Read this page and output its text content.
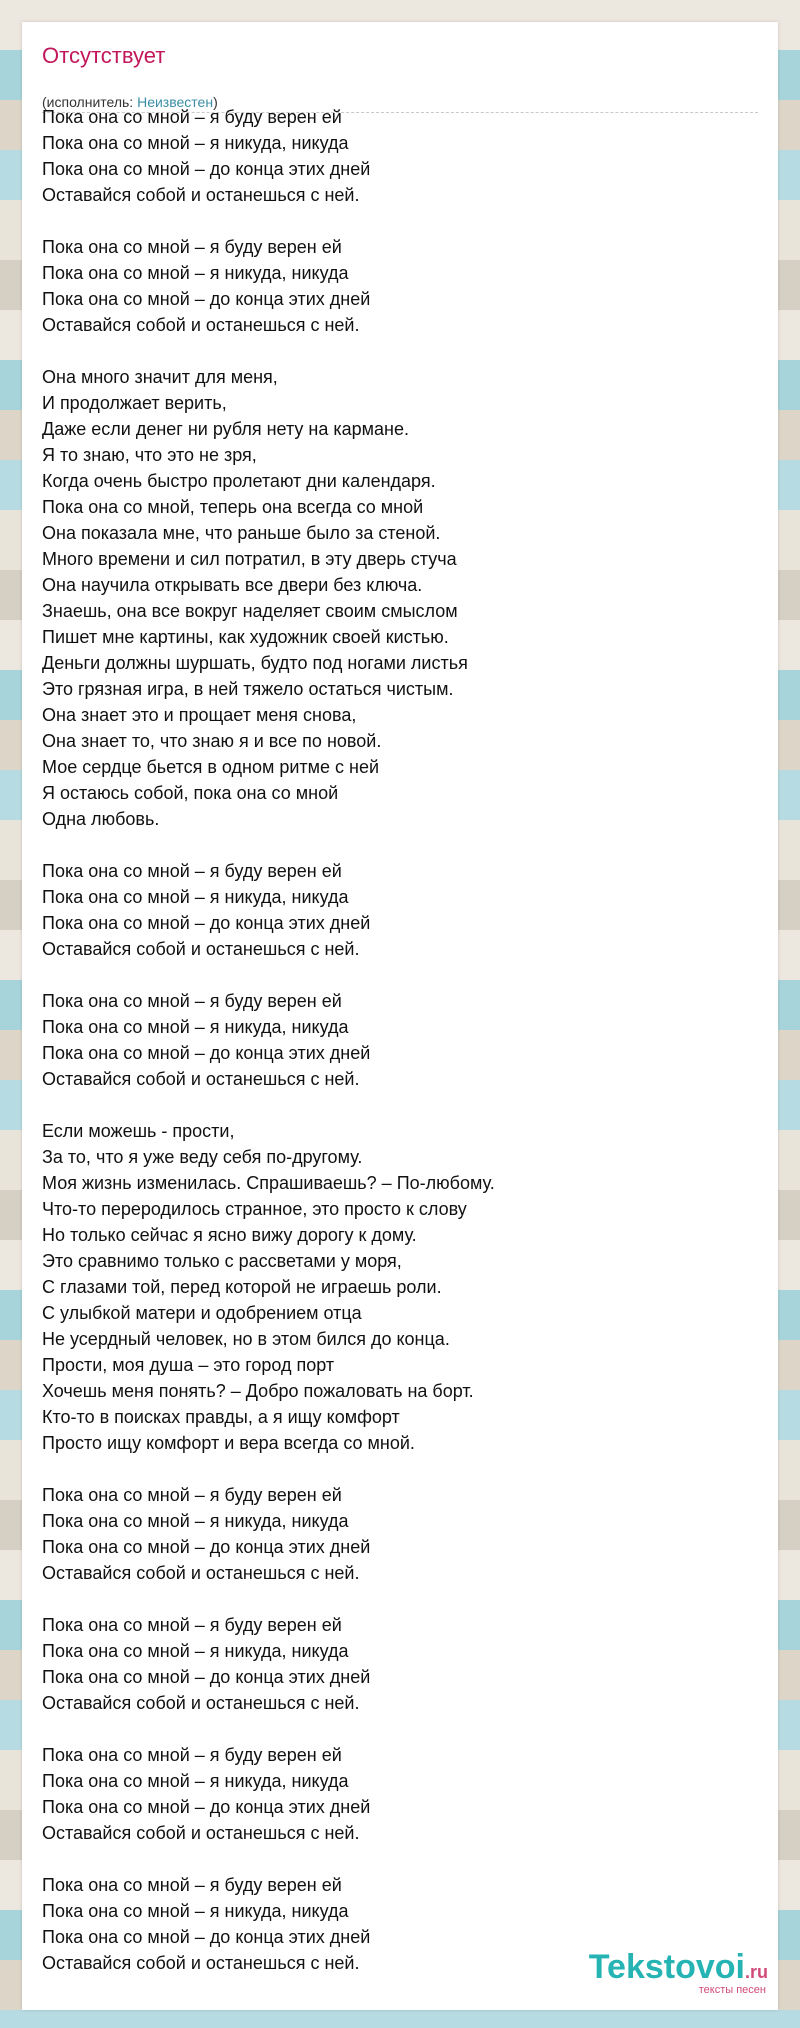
Отсутствует
(исполнитель: Неизвестен)
Пока она со мной – я буду верен ей
Пока она со мной – я никуда, никуда
Пока она со мной – до конца этих дней
Оставайся собой и останешься с ней.
Пока она со мной – я буду верен ей
Пока она со мной – я никуда, никуда
Пока она со мной – до конца этих дней
Оставайся собой и останешься с ней.
Она много значит для меня,
И продолжает верить,
Даже если денег ни рубля нету на кармане.
Я то знаю, что это не зря,
Когда очень быстро пролетают дни календаря.
Пока она со мной, теперь она всегда со мной
Она показала мне, что раньше было за стеной.
Много времени и сил потратил, в эту дверь стуча
Она научила открывать все двери без ключа.
Знаешь, она все вокруг наделяет своим смыслом
Пишет мне картины, как художник своей кистью.
Деньги должны шуршать, будто под ногами листья
Это грязная игра, в ней тяжело остаться чистым.
Она знает это и прощает меня снова,
Она знает то, что знаю я и все по новой.
Мое сердце бьется в одном ритме с ней
Я остаюсь собой, пока она со мной
Одна любовь.
Пока она со мной – я буду верен ей
Пока она со мной – я никуда, никуда
Пока она со мной – до конца этих дней
Оставайся собой и останешься с ней.
Пока она со мной – я буду верен ей
Пока она со мной – я никуда, никуда
Пока она со мной – до конца этих дней
Оставайся собой и останешься с ней.
Если можешь - прости,
За то, что я уже веду себя по-другому.
Моя жизнь изменилась. Спрашиваешь? – По-любому.
Что-то переродилось странное, это просто к слову
Но только сейчас я ясно вижу дорогу к дому.
Это сравнимо только с рассветами у моря,
С глазами той, перед которой не играешь роли.
С улыбкой матери и одобрением отца
Не усердный человек, но в этом бился до конца.
Прости, моя душа – это город порт
Хочешь меня понять? – Добро пожаловать на борт.
Кто-то в поисках правды, а я ищу комфорт
Просто ищу комфорт и вера всегда со мной.
Пока она со мной – я буду верен ей
Пока она со мной – я никуда, никуда
Пока она со мной – до конца этих дней
Оставайся собой и останешься с ней.
Пока она со мной – я буду верен ей
Пока она со мной – я никуда, никуда
Пока она со мной – до конца этих дней
Оставайся собой и останешься с ней.
Пока она со мной – я буду верен ей
Пока она со мной – я никуда, никуда
Пока она со мной – до конца этих дней
Оставайся собой и останешься с ней.
Пока она со мной – я буду верен ей
Пока она со мной – я никуда, никуда
Пока она со мной – до конца этих дней
Оставайся собой и останешься с ней.	Tekstovoi.ru
тексты песен
